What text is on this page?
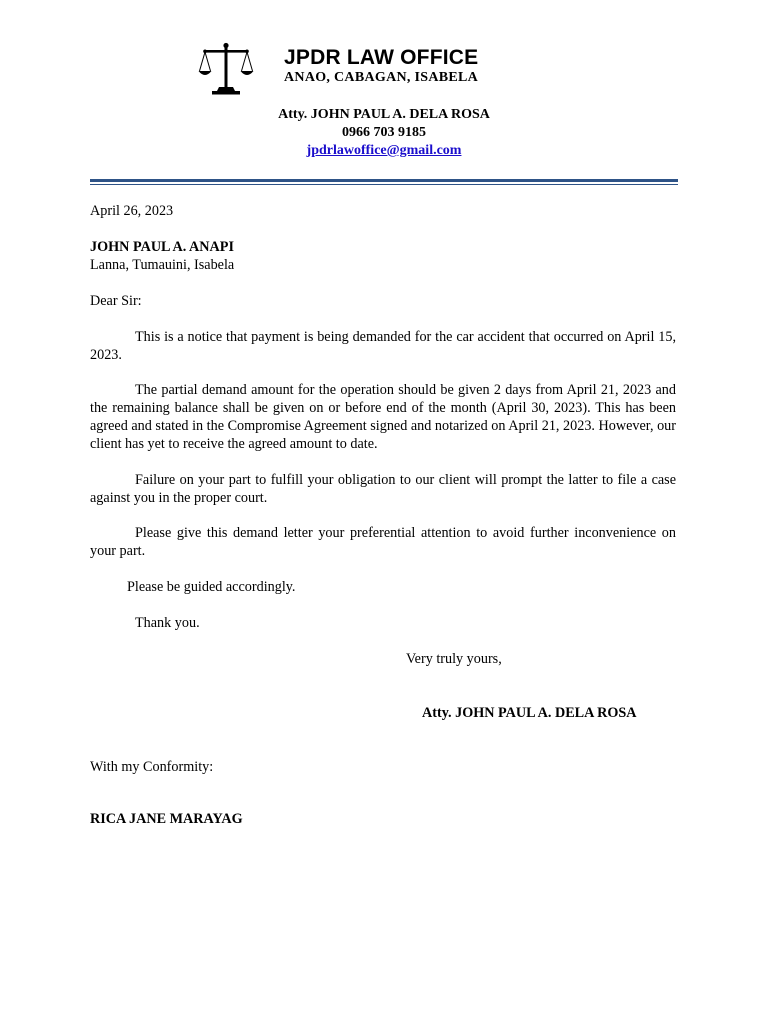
JPDR LAW OFFICE
ANAO, CABAGAN, ISABELA
Atty. JOHN PAUL A. DELA ROSA
0966 703 9185
jpdrlawoffice@gmail.com
April 26, 2023
JOHN PAUL A. ANAPI
Lanna, Tumauini, Isabela
Dear Sir:
This is a notice that payment is being demanded for the car accident that occurred on April 15, 2023.
The partial demand amount for the operation should be given 2 days from April 21, 2023 and the remaining balance shall be given on or before end of the month (April 30, 2023). This has been agreed and stated in the Compromise Agreement signed and notarized on April 21, 2023. However, our client has yet to receive the agreed amount to date.
Failure on your part to fulfill your obligation to our client will prompt the latter to file a case against you in the proper court.
Please give this demand letter your preferential attention to avoid further inconvenience on your part.
Please be guided accordingly.
Thank you.
Very truly yours,
Atty. JOHN PAUL A. DELA ROSA
With my Conformity:
RICA JANE MARAYAG
